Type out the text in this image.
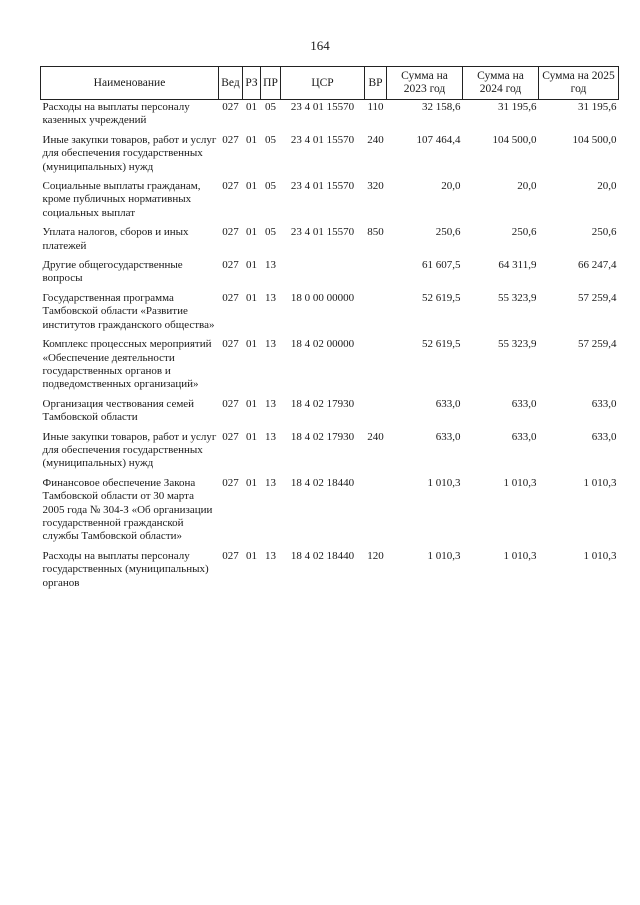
164
Наименование	Вед	РЗ	ПР	ЦСР	ВР	Сумма на 2023 год	Сумма на 2024 год	Сумма на 2025 год
Расходы на выплаты персоналу казенных учреждений	027	01	05	23 4 01 15570	110	32 158,6	31 195,6	31 195,6
Иные закупки товаров, работ и услуг для обеспечения государственных (муниципальных) нужд	027	01	05	23 4 01 15570	240	107 464,4	104 500,0	104 500,0
Социальные выплаты гражданам, кроме публичных нормативных социальных выплат	027	01	05	23 4 01 15570	320	20,0	20,0	20,0
Уплата налогов, сборов и иных платежей	027	01	05	23 4 01 15570	850	250,6	250,6	250,6
Другие общегосударственные вопросы	027	01	13			61 607,5	64 311,9	66 247,4
Государственная программа Тамбовской области «Развитие институтов гражданского общества»	027	01	13	18 0 00 00000		52 619,5	55 323,9	57 259,4
Комплекс процессных мероприятий «Обеспечение деятельности государственных органов и подведомственных организаций»	027	01	13	18 4 02 00000		52 619,5	55 323,9	57 259,4
Организация чествования семей Тамбовской области	027	01	13	18 4 02 17930		633,0	633,0	633,0
Иные закупки товаров, работ и услуг для обеспечения государственных (муниципальных) нужд	027	01	13	18 4 02 17930	240	633,0	633,0	633,0
Финансовое обеспечение Закона Тамбовской области от 30 марта 2005 года № 304-З «Об организации государственной гражданской службы Тамбовской области»	027	01	13	18 4 02 18440		1 010,3	1 010,3	1 010,3
Расходы на выплаты персоналу государственных (муниципальных) органов	027	01	13	18 4 02 18440	120	1 010,3	1 010,3	1 010,3
